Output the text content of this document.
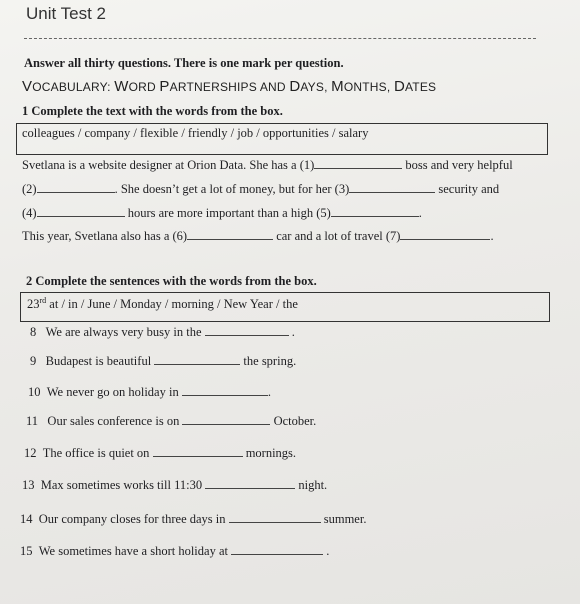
Unit Test 2
Answer all thirty questions. There is one mark per question.
VOCABULARY: WORD PARTNERSHIPS AND DAYS, MONTHS, DATES
1 Complete the text with the words from the box.
colleagues / company / flexible / friendly / job / opportunities / salary
Svetlana is a website designer at Orion Data. She has a (1)	boss and very helpful
(2)	. She doesn’t get a lot of money, but for her (3)	security and
(4)	hours are more important than a high (5)	.
This year, Svetlana also has a (6)	car and a lot of travel (7)	.
2 Complete the sentences with the words from the box.
23rd at / in / June / Monday / morning / New Year / the
8 We are always very busy in the	.
9 Budapest is beautiful	the spring.
10 We never go on holiday in	.
11 Our sales conference is on	October.
12 The office is quiet on	mornings.
13 Max sometimes works till 11:30	night.
14 Our company closes for three days in	summer.
15 We sometimes have a short holiday at	.
